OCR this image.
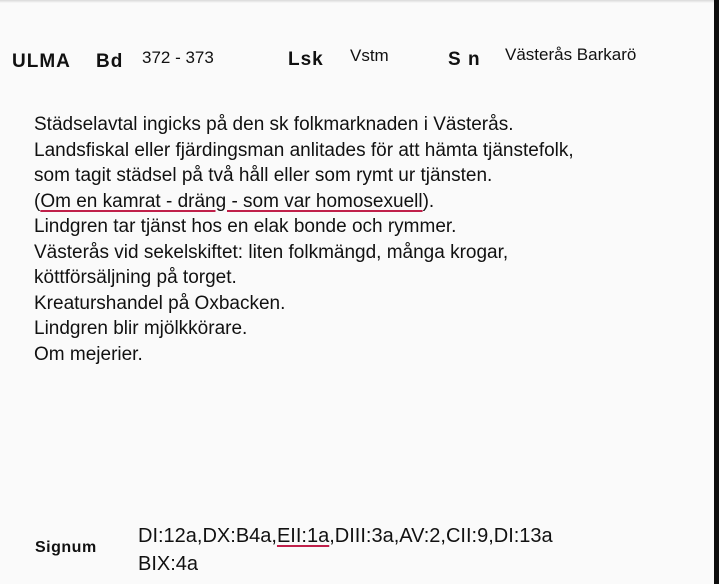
ULMA Bd 372 - 373	Lsk Vstm	S n Västerås Barkarö
Städselavtal ingicks på den sk folkmarknaden i Västerås.
Landsfiskal eller fjärdingsman anlitades för att hämta tjänstefolk,
som tagit städsel på två håll eller som rymt ur tjänsten.
(Om en kamrat - dräng - som var homosexuell).
Lindgren tar tjänst hos en elak bonde och rymmer.
Västerås vid sekelskiftet: liten folkmängd, många krogar,
köttförsäljning på torget.
Kreaturshandel på Oxbacken.
Lindgren blir mjölkkörare.
Om mejerier.
Signum
DI:12a,DX:B4a,EII:1a,DIII:3a,AV:2,CII:9,DI:13a
BIX:4a
